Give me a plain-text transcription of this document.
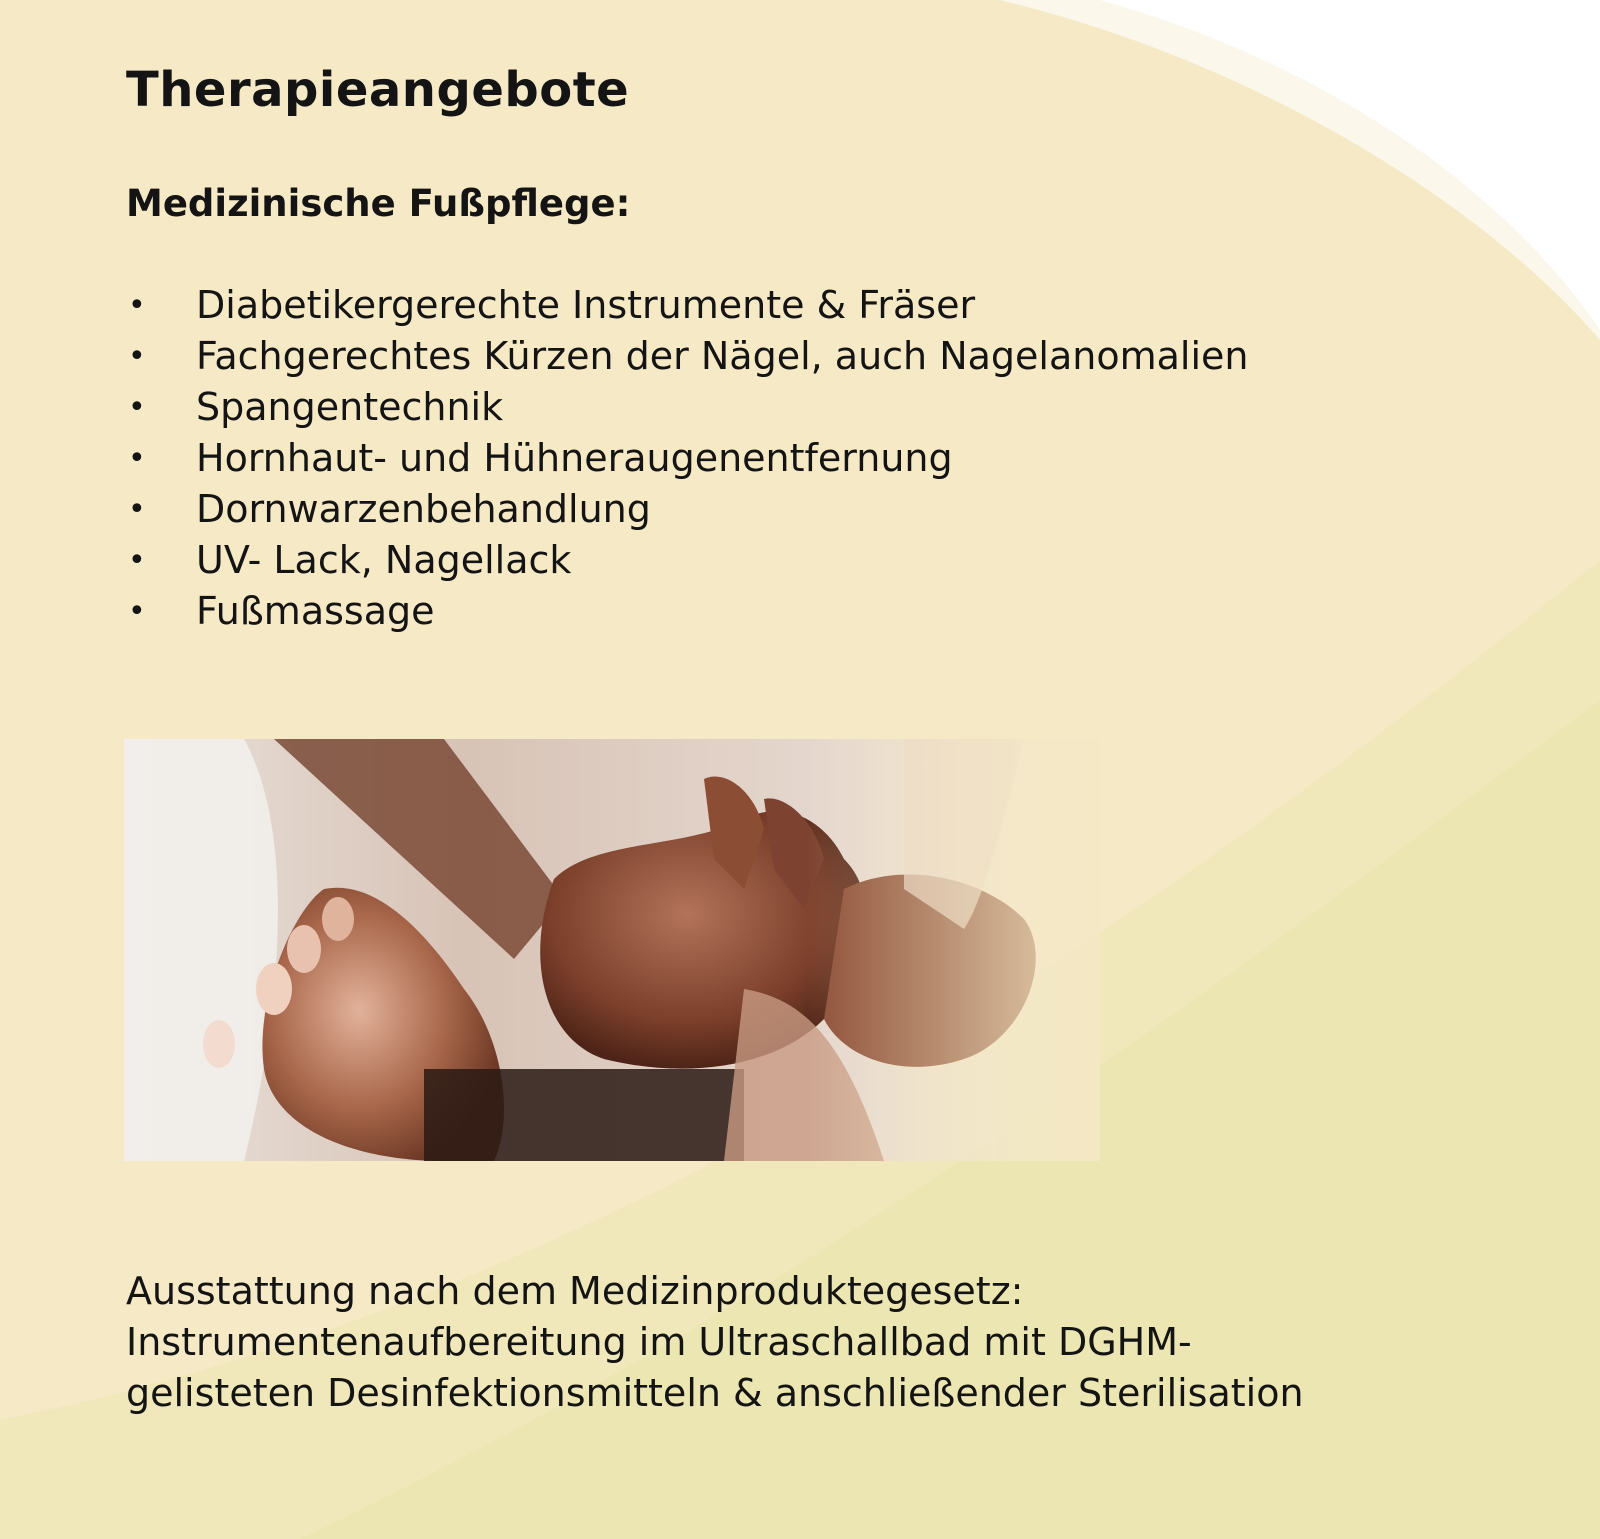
Therapieangebote
Medizinische Fußpflege:
• Diabetikergerechte Instrumente & Fräser
• Fachgerechtes Kürzen der Nägel, auch Nagelanomalien
• Spangentechnik
• Hornhaut- und Hühneraugenentfernung
• Dornwarzenbehandlung
• UV- Lack, Nagellack
• Fußmassage

Ausstattung nach dem Medizinproduktegesetz:
Instrumentenaufbereitung im Ultraschallbad mit DGHM-
gelisteten Desinfektionsmitteln & anschließender Sterilisation
